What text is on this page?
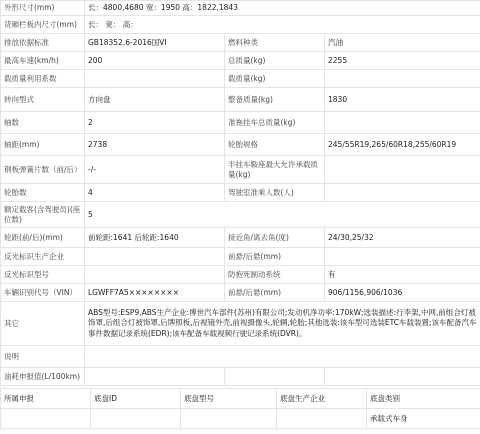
外形尺寸(mm)	长：4800,4680 宽：1950 高：1822,1843		
货厢栏板内尺寸(mm)	长： 宽： 高：		
排放依据标准	GB18352.6-2016国VI	燃料种类	汽油
最高车速(km/h)	200	总质量(kg)	2255
载质量利用系数		载质量(kg)	
转向型式	方向盘	整备质量(kg)	1830
轴数	2	准拖挂车总质量(kg)	
轴距(mm)	2738	轮胎规格	245/55R19,265/60R18,255/60R19
钢板弹簧片数（前/后）	-/-	半挂车鞍座最大允许承载质量(kg)	
轮胎数	4	驾驶室准乘人数(人)	
额定载客(含驾驶员)(座位数)	5		
轮距(前/后)(mm)	前轮距:1641 后轮距:1640	接近角/离去角(度)	24/30,25/32
反光标识生产企业		前悬/后悬(mm)	
反光标识型号		防抱死制动系统	有
车辆识别代号（VIN）	LGWFF7A5××××××××	前悬/后悬(mm)	906/1156,906/1036
其它	ABS型号:ESP9,ABS生产企业:博世汽车部件(苏州)有限公司;发动机净功率:170kW;选装描述:行李架,中网,前组合灯被饰罩,后组合灯被饰罩,后牌照板,后视镜外壳,前视摄像头,轮辋,轮胎;其他选装:该车型可选装ETC车载装置;该车配备汽车事件数据记录系统(EDR);该车配备车载视频行驶记录系统(DVR)。		
说明			
油耗申报值(L/100km)			
所属申报	底盘ID	底盘型号	底盘生产企业	底盘类别
				承载式车身
